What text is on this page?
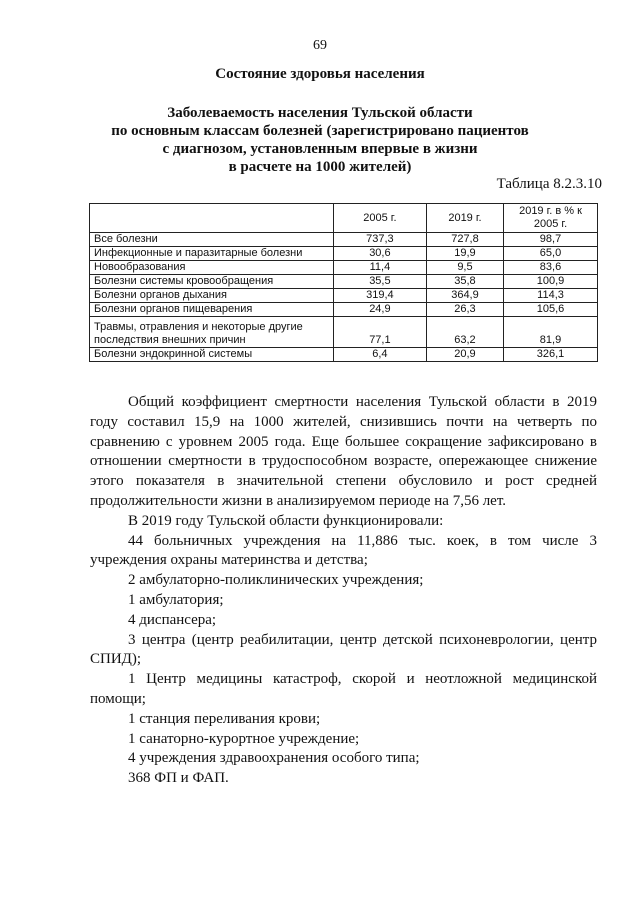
69
Состояние здоровья населения
Заболеваемость населения Тульской области
по основным классам болезней (зарегистрировано пациентов
с диагнозом, установленным впервые в жизни
в расчете на 1000 жителей)
Таблица 8.2.3.10
	2005 г.	2019 г.	2019 г. в % к 2005 г.
Все болезни	737,3	727,8	98,7
Инфекционные и паразитарные болезни	30,6	19,9	65,0
Новообразования	11,4	9,5	83,6
Болезни системы кровообращения	35,5	35,8	100,9
Болезни органов дыхания	319,4	364,9	114,3
Болезни органов пищеварения	24,9	26,3	105,6
Травмы, отравления и некоторые другие последствия внешних причин	77,1	63,2	81,9
Болезни эндокринной системы	6,4	20,9	326,1

Общий коэффициент смертности населения Тульской области в 2019 году составил 15,9 на 1000 жителей, снизившись почти на четверть по сравнению с уровнем 2005 года. Еще большее сокращение зафиксировано в отношении смертности в трудоспособном возрасте, опережающее снижение этого показателя в значительной степени обусловило и рост средней продолжительности жизни в анализируемом периоде на 7,56 лет.

В 2019 году Тульской области функционировали:

44 больничных учреждения на 11,886 тыс. коек, в том числе 3 учреждения охраны материнства и детства;

2 амбулаторно-поликлинических учреждения;

1 амбулатория;

4 диспансера;

3 центра (центр реабилитации, центр детской психоневрологии, центр СПИД);

1 Центр медицины катастроф, скорой и неотложной медицинской помощи;

1 станция переливания крови;

1 санаторно-курортное учреждение;

4 учреждения здравоохранения особого типа;

368 ФП и ФАП.
